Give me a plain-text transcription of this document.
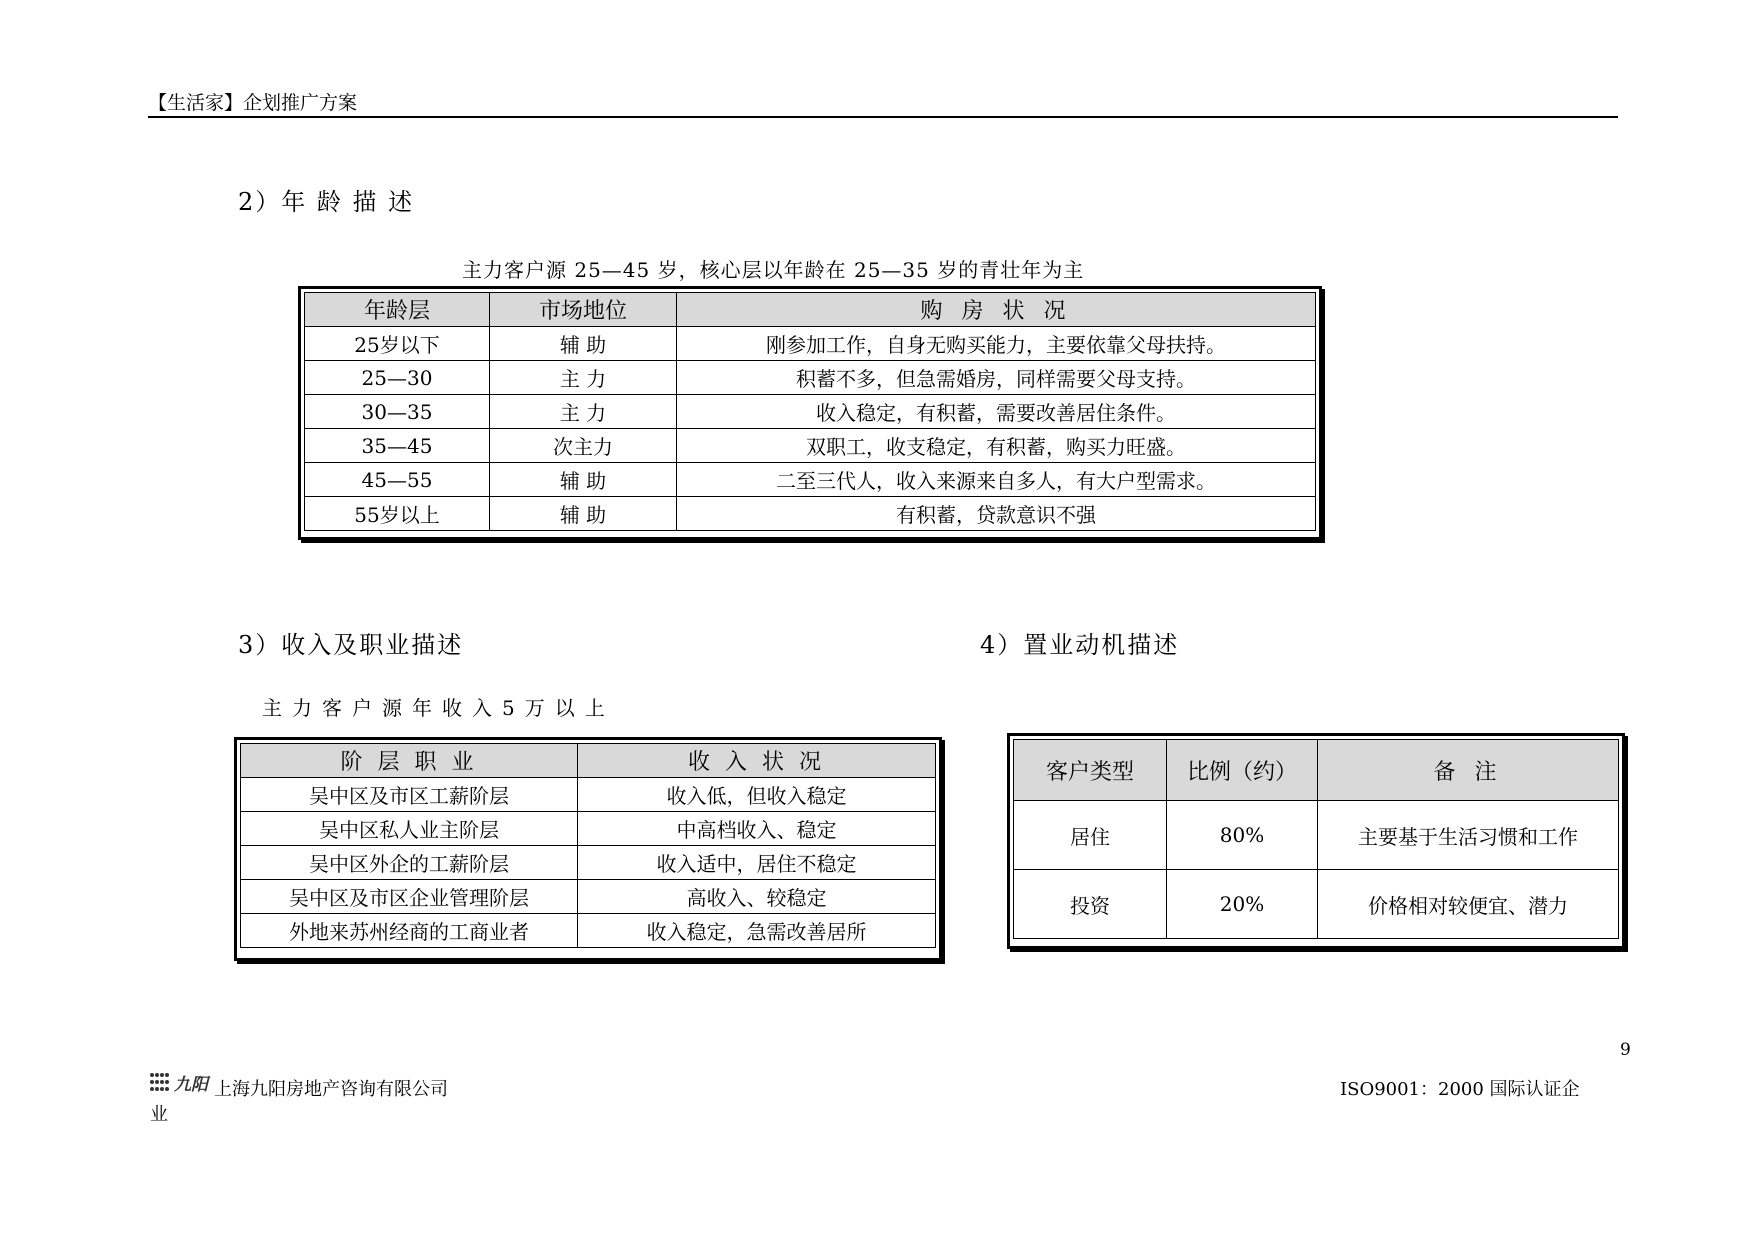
【生活家】企划推广方案
2）年 龄 描 述
主力客户源 25—45 岁，核心层以年龄在 25—35 岁的青壮年为主
年龄层	市场地位	购 房 状 况
25岁以下	辅 助	刚参加工作，自身无购买能力，主要依靠父母扶持。
25—30	主 力	积蓄不多，但急需婚房，同样需要父母支持。
30—35	主 力	收入稳定，有积蓄，需要改善居住条件。
35—45	次主力	双职工，收支稳定，有积蓄，购买力旺盛。
45—55	辅 助	二至三代人，收入来源来自多人，有大户型需求。
55岁以上	辅 助	有积蓄，贷款意识不强
3）收入及职业描述
主力客户源年收入5万以上
阶 层 职 业	收 入 状 况
吴中区及市区工薪阶层	收入低，但收入稳定
吴中区私人业主阶层	中高档收入、稳定
吴中区外企的工薪阶层	收入适中，居住不稳定
吴中区及市区企业管理阶层	高收入、较稳定
外地来苏州经商的工商业者	收入稳定，急需改善居所
4）置业动机描述
客户类型	比例（约）	备 注
居住	80%	主要基于生活习惯和工作
投资	20%	价格相对较便宜、潜力
9
九阳 上海九阳房地产咨询有限公司
业
ISO9001：2000 国际认证企
